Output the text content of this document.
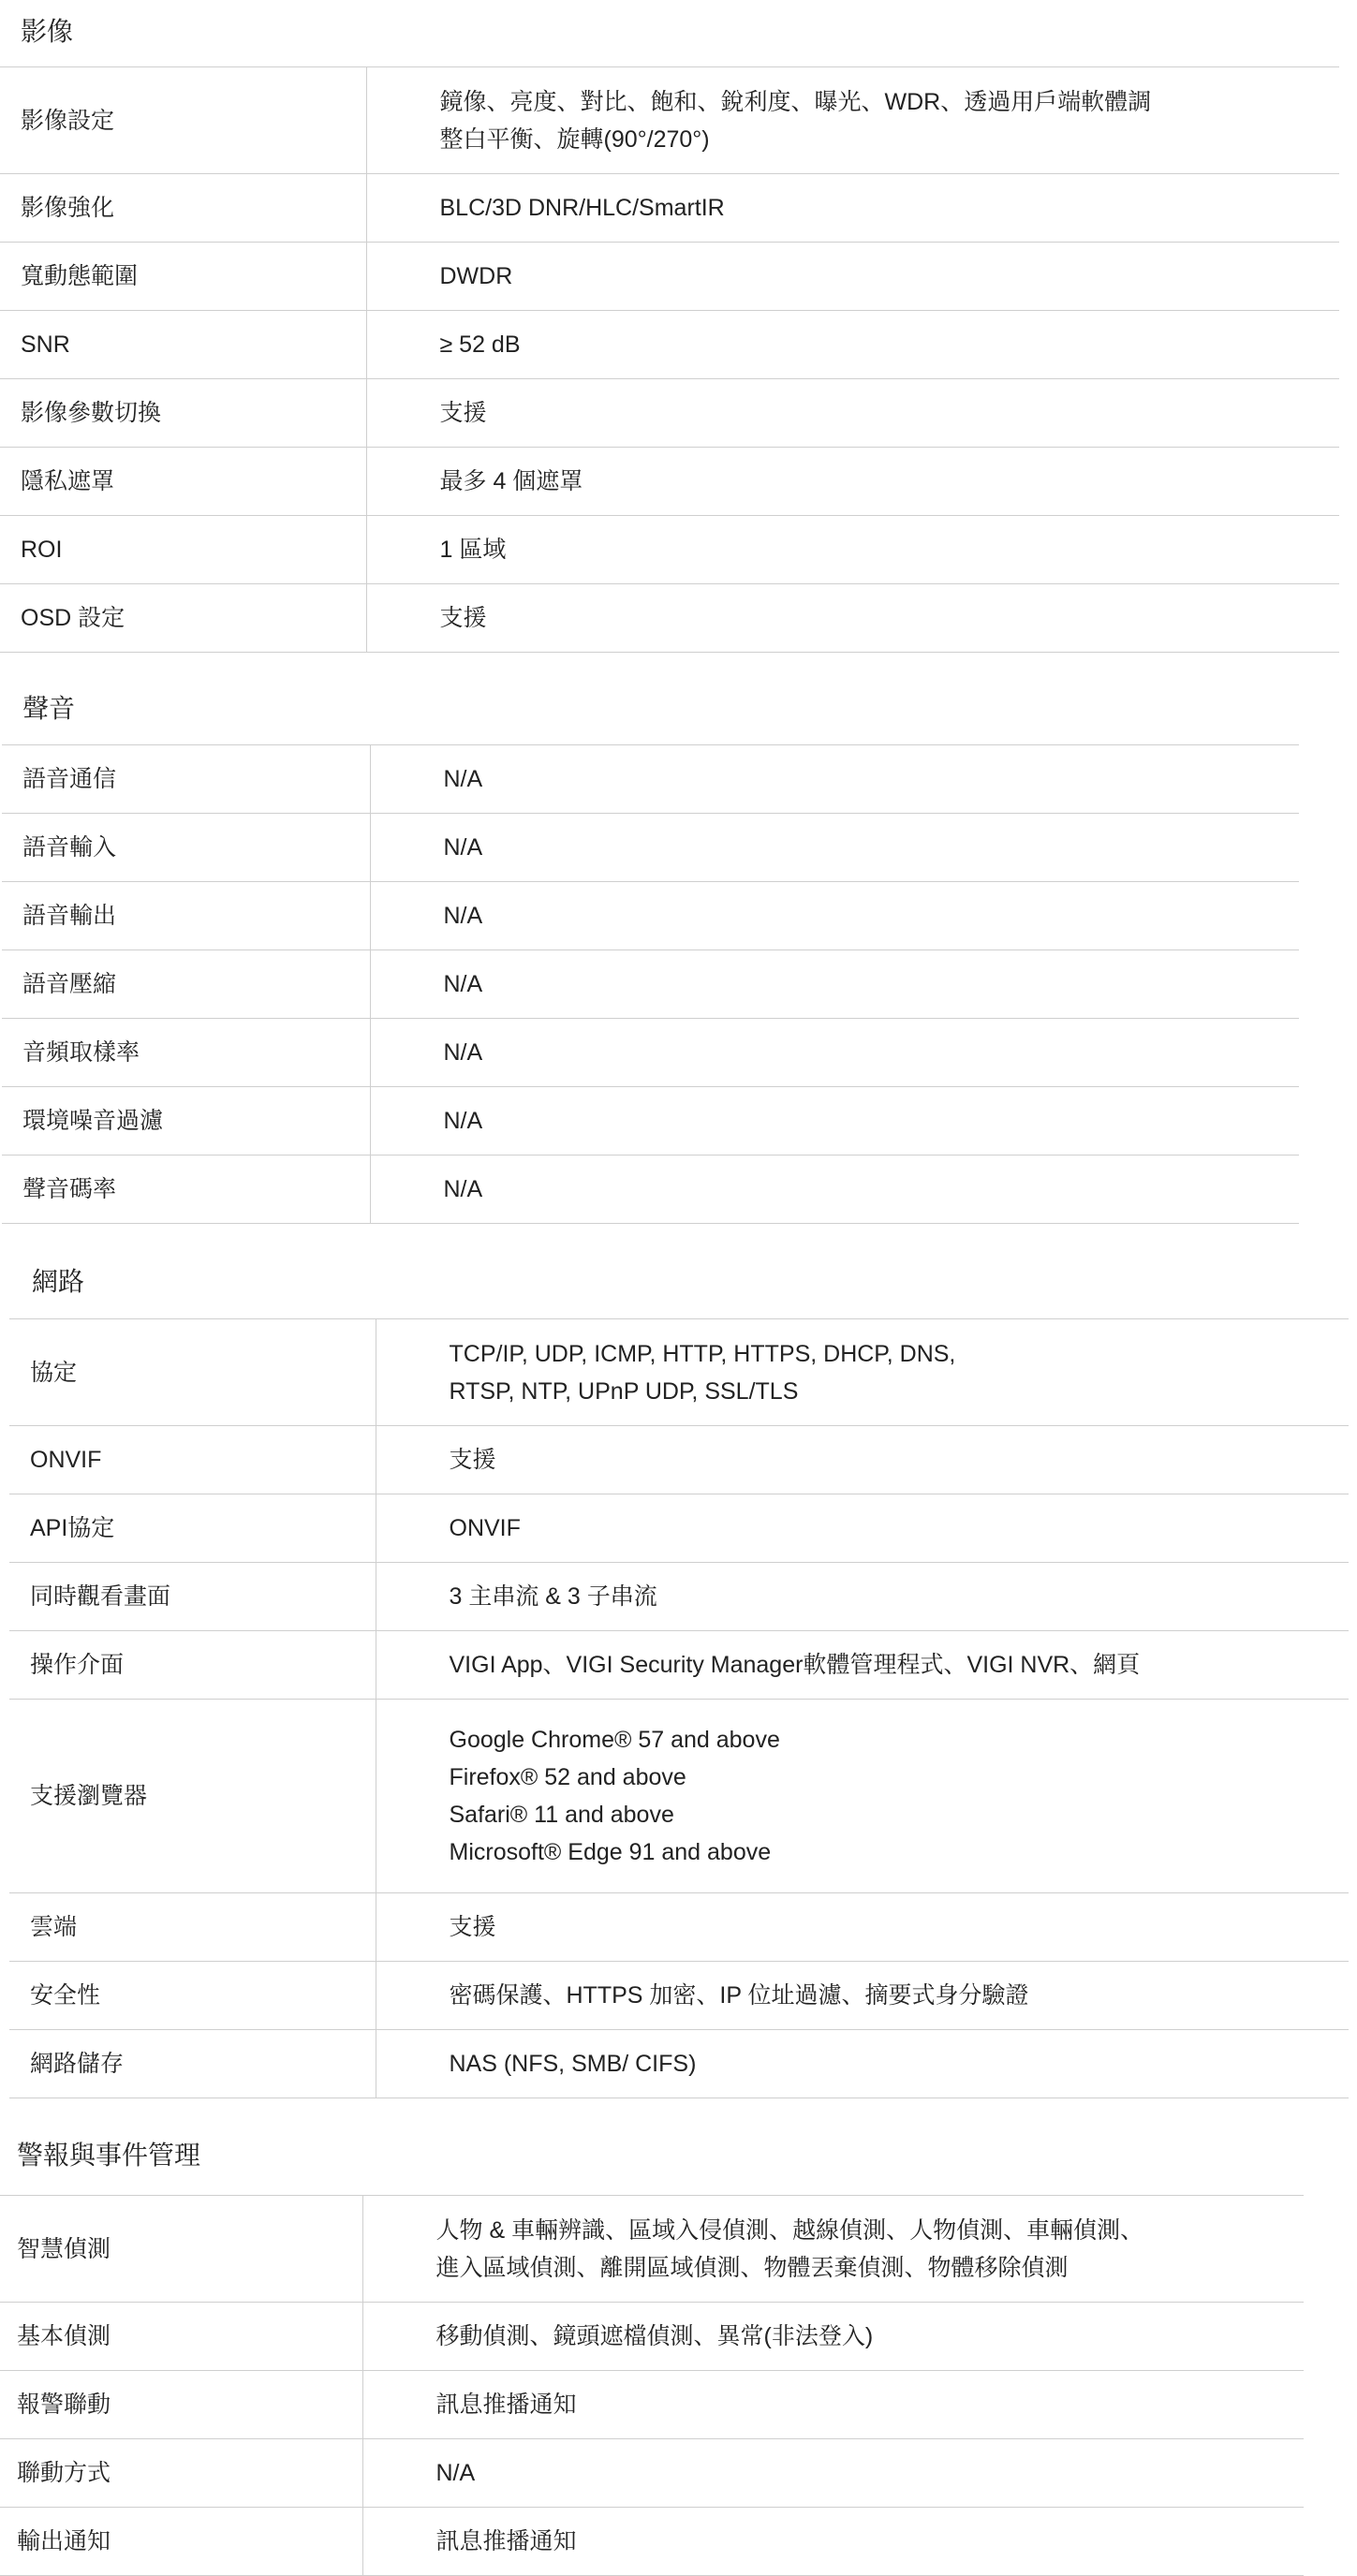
影像
影像設定	鏡像、亮度、對比、飽和、銳利度、曝光、WDR、透過用戶端軟體調
整白平衡、旋轉(90°/270°)

影像強化	BLC/3D DNR/HLC/SmartIR
寬動態範圍	DWDR
SNR	≥ 52 dB
影像參數切換	支援
隱私遮罩	最多 4 個遮罩
ROI	1 區域
OSD 設定	支援
聲音
語音通信	N/A
語音輸入	N/A
語音輸出	N/A
語音壓縮	N/A
音頻取樣率	N/A
環境噪音過濾	N/A
聲音碼率	N/A
網路
協定	TCP/IP, UDP, ICMP, HTTP, HTTPS, DHCP, DNS,
RTSP, NTP, UPnP UDP, SSL/TLS

ONVIF	支援
API協定	ONVIF
同時觀看畫面	3 主串流 & 3 子串流
操作介面	VIGI App、VIGI Security Manager軟體管理程式、VIGI NVR、網頁
支援瀏覽器	Google Chrome® 57 and above
Firefox® 52 and above
Safari® 11 and above
Microsoft® Edge 91 and above

雲端	支援
安全性	密碼保護、HTTPS 加密、IP 位址過濾、摘要式身分驗證
網路儲存	NAS (NFS, SMB/ CIFS)
警報與事件管理
智慧偵測	人物 & 車輛辨識、區域入侵偵測、越線偵測、人物偵測、車輛偵測、
進入區域偵測、離開區域偵測、物體丟棄偵測、物體移除偵測

基本偵測	移動偵測、鏡頭遮檔偵測、異常(非法登入)
報警聯動	訊息推播通知
聯動方式	N/A
輸出通知	訊息推播通知
